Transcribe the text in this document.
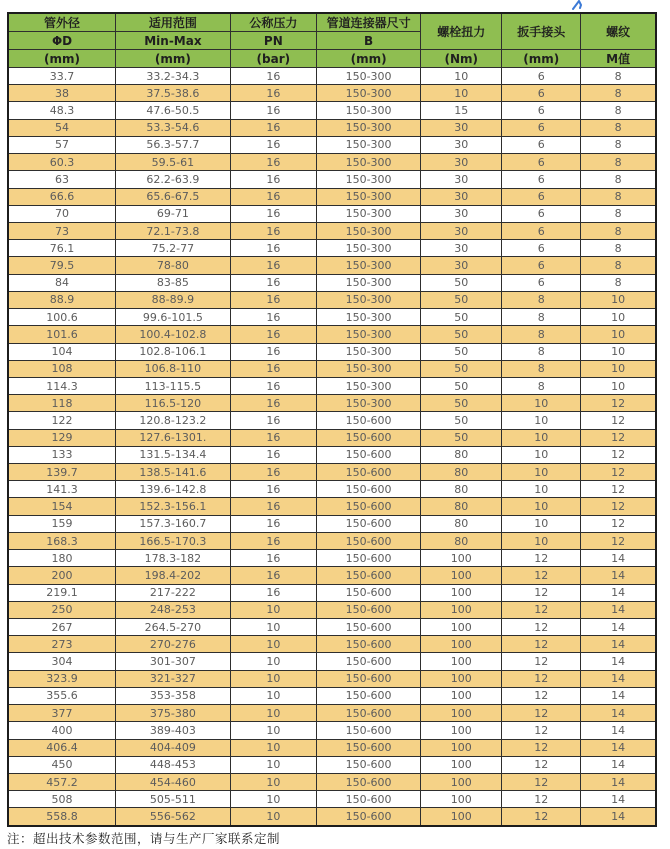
管外径	适用范围	公称压力	管道连接器尺寸	螺栓扭力	扳手接头	螺纹
ΦD	Min-Max	PN	B			
(mm)	(mm)	(bar)	(mm)	(Nm)	(mm)	M值
33.7	33.2-34.3	16	150-300	10	6	8
38	37.5-38.6	16	150-300	10	6	8
48.3	47.6-50.5	16	150-300	15	6	8
54	53.3-54.6	16	150-300	30	6	8
57	56.3-57.7	16	150-300	30	6	8
60.3	59.5-61	16	150-300	30	6	8
63	62.2-63.9	16	150-300	30	6	8
66.6	65.6-67.5	16	150-300	30	6	8
70	69-71	16	150-300	30	6	8
73	72.1-73.8	16	150-300	30	6	8
76.1	75.2-77	16	150-300	30	6	8
79.5	78-80	16	150-300	30	6	8
84	83-85	16	150-300	50	6	8
88.9	88-89.9	16	150-300	50	8	10
100.6	99.6-101.5	16	150-300	50	8	10
101.6	100.4-102.8	16	150-300	50	8	10
104	102.8-106.1	16	150-300	50	8	10
108	106.8-110	16	150-300	50	8	10
114.3	113-115.5	16	150-300	50	8	10
118	116.5-120	16	150-300	50	10	12
122	120.8-123.2	16	150-600	50	10	12
129	127.6-1301.	16	150-600	50	10	12
133	131.5-134.4	16	150-600	80	10	12
139.7	138.5-141.6	16	150-600	80	10	12
141.3	139.6-142.8	16	150-600	80	10	12
154	152.3-156.1	16	150-600	80	10	12
159	157.3-160.7	16	150-600	80	10	12
168.3	166.5-170.3	16	150-600	80	10	12
180	178.3-182	16	150-600	100	12	14
200	198.4-202	16	150-600	100	12	14
219.1	217-222	16	150-600	100	12	14
250	248-253	10	150-600	100	12	14
267	264.5-270	10	150-600	100	12	14
273	270-276	10	150-600	100	12	14
304	301-307	10	150-600	100	12	14
323.9	321-327	10	150-600	100	12	14
355.6	353-358	10	150-600	100	12	14
377	375-380	10	150-600	100	12	14
400	389-403	10	150-600	100	12	14
406.4	404-409	10	150-600	100	12	14
450	448-453	10	150-600	100	12	14
457.2	454-460	10	150-600	100	12	14
508	505-511	10	150-600	100	12	14
558.8	556-562	10	150-600	100	12	14
注：超出技术参数范围，请与生产厂家联系定制
